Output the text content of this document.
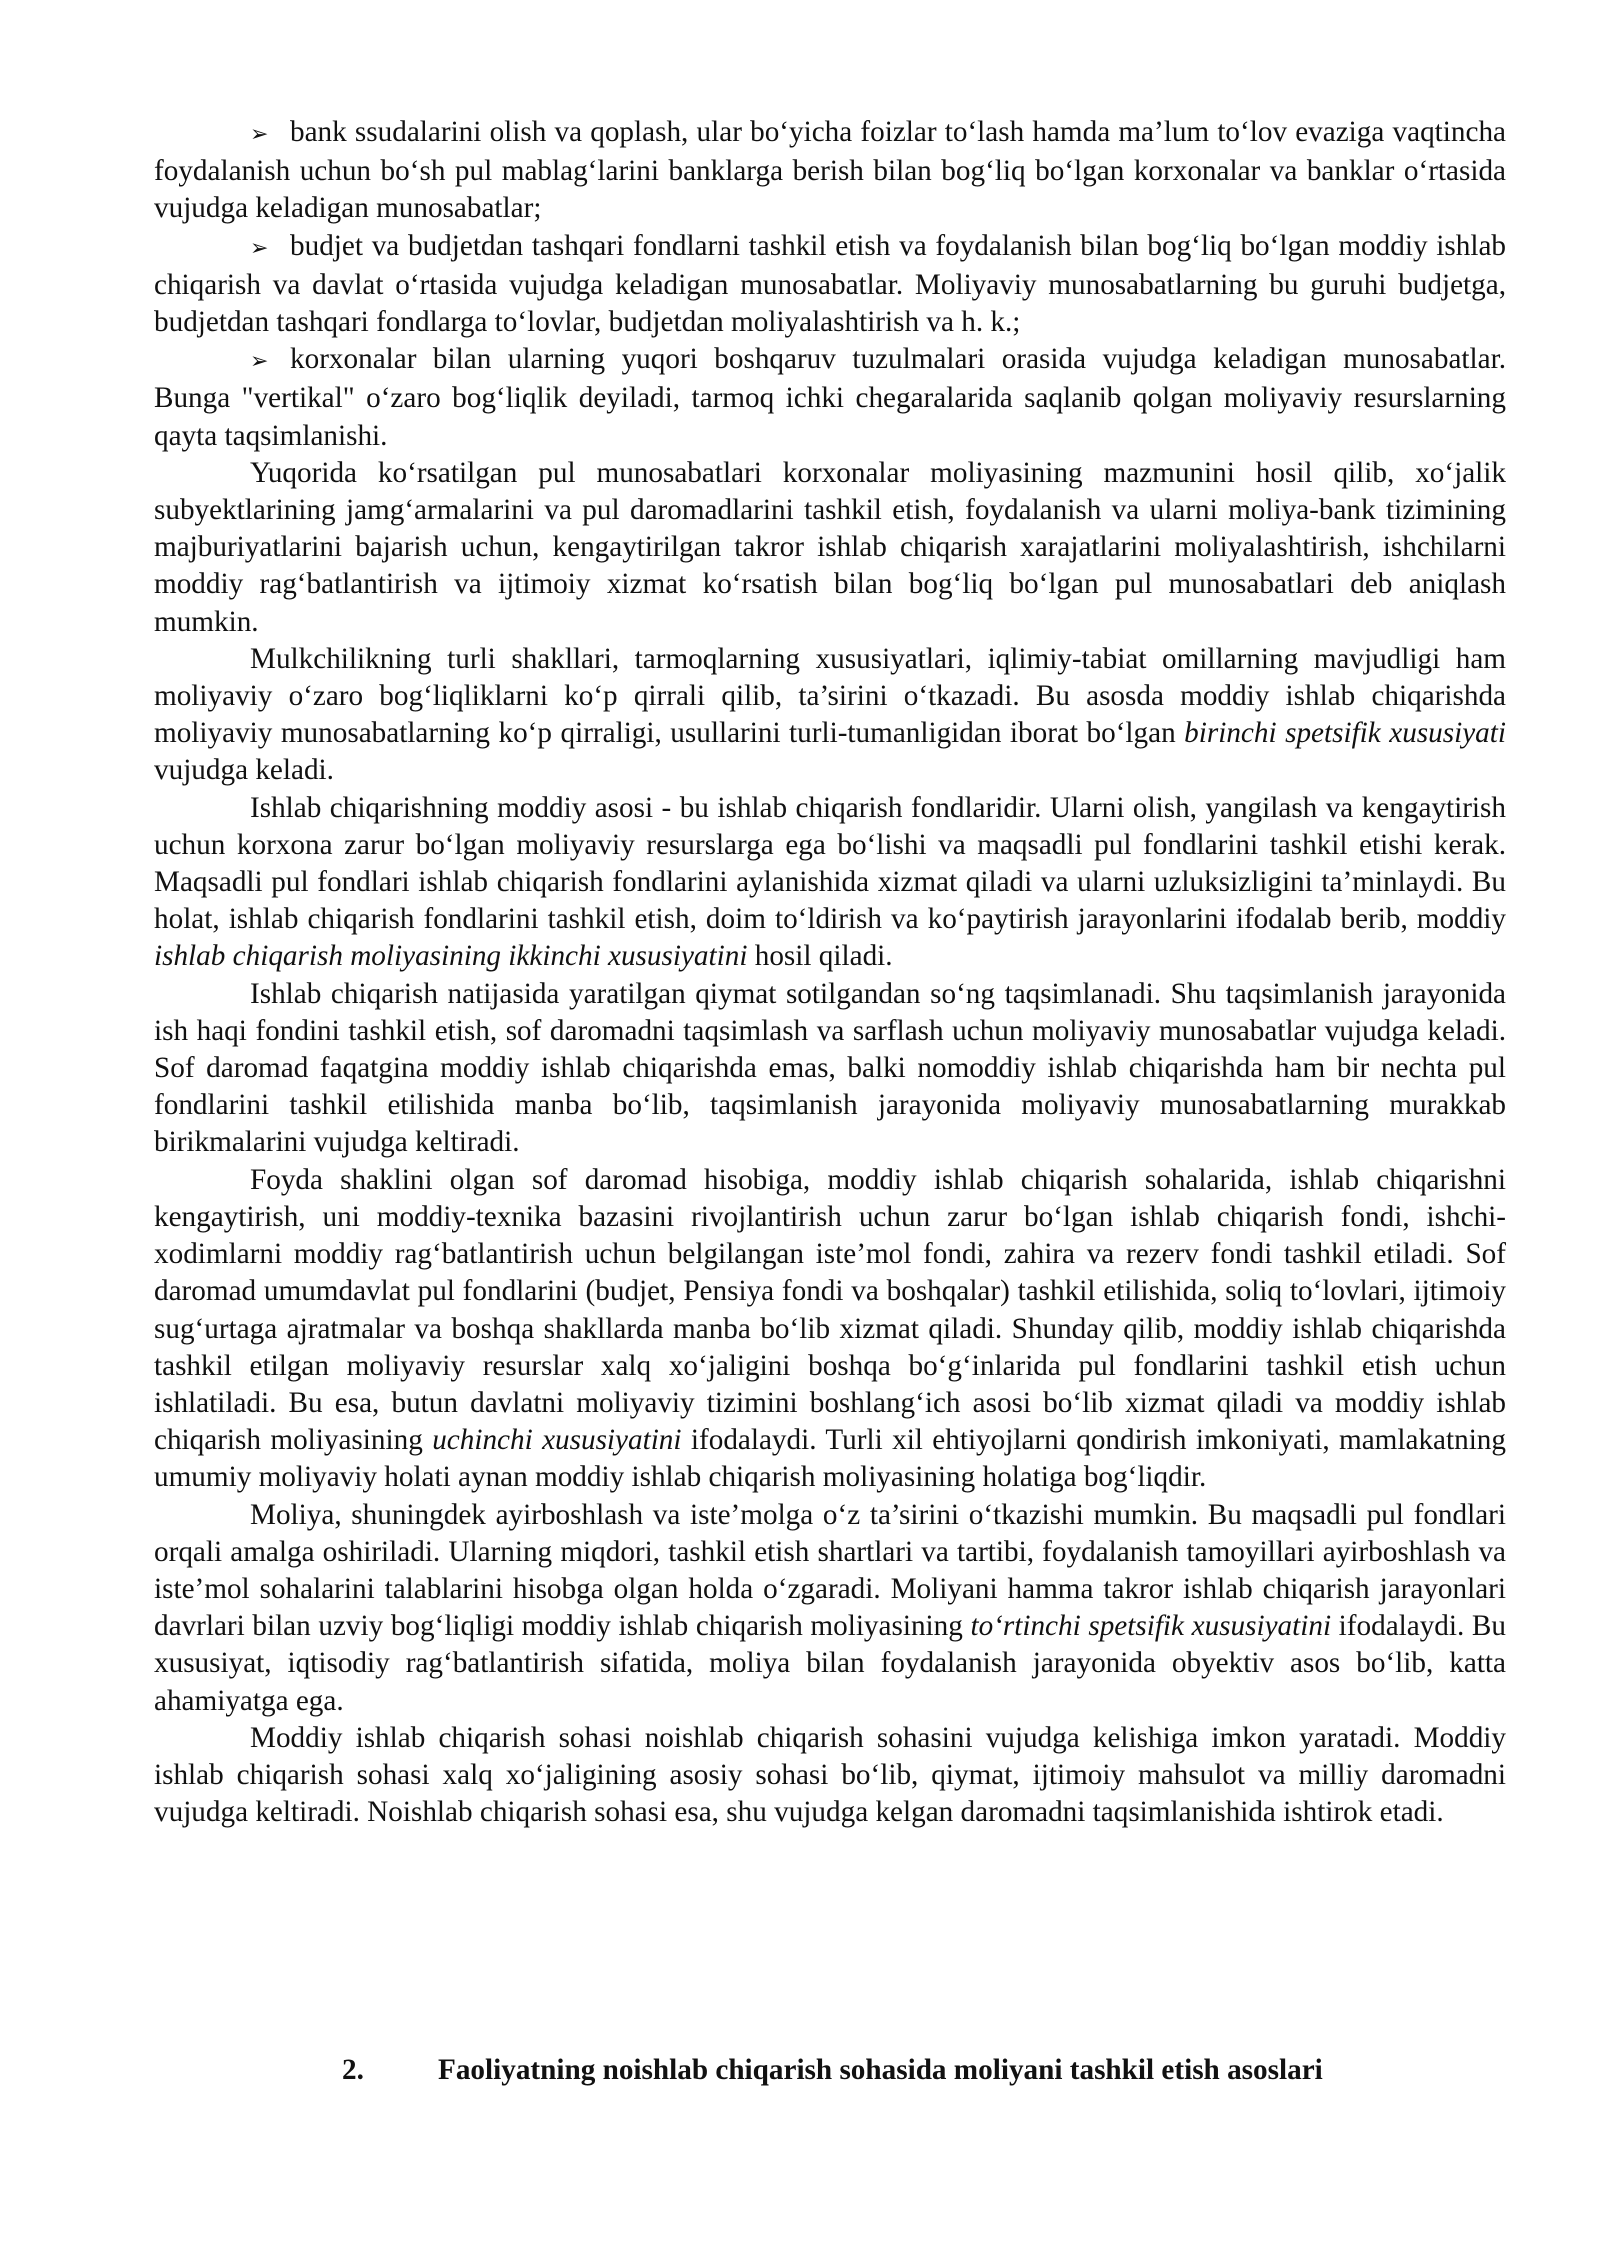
➢ bank ssudalarini olish va qoplash, ular bo‘yicha foizlar to‘lash hamda ma’lum to‘lov evaziga vaqtincha foydalanish uchun bo‘sh pul mablag‘larini banklarga berish bilan bog‘liq bo‘lgan korxonalar va banklar o‘rtasida vujudga keladigan munosabatlar;

➢ budjet va budjetdan tashqari fondlarni tashkil etish va foydalanish bilan bog‘liq bo‘lgan moddiy ishlab chiqarish va davlat o‘rtasida vujudga keladigan munosabatlar. Moliyaviy munosabatlarning bu guruhi budjetga, budjetdan tashqari fondlarga to‘lovlar, budjetdan moliyalashtirish va h. k.;

➢ korxonalar bilan ularning yuqori boshqaruv tuzulmalari orasida vujudga keladigan munosabatlar. Bunga "vertikal" o‘zaro bog‘liqlik deyiladi, tarmoq ichki chegaralarida saqlanib qolgan moliyaviy resurslarning qayta taqsimlanishi.

Yuqorida ko‘rsatilgan pul munosabatlari korxonalar moliyasining mazmunini hosil qilib, xo‘jalik subyektlarining jamg‘armalarini va pul daromadlarini tashkil etish, foydalanish va ularni moliya-bank tizimining majburiyatlarini bajarish uchun, kengaytirilgan takror ishlab chiqarish xarajatlarini moliyalashtirish, ishchilarni moddiy rag‘batlantirish va ijtimoiy xizmat ko‘rsatish bilan bog‘liq bo‘lgan pul munosabatlari deb aniqlash mumkin.

Mulkchilikning turli shakllari, tarmoqlarning xususiyatlari, iqlimiy-tabiat omillarning mavjudligi ham moliyaviy o‘zaro bog‘liqliklarni ko‘p qirrali qilib, ta’sirini o‘tkazadi. Bu asosda moddiy ishlab chiqarishda moliyaviy munosabatlarning ko‘p qirraligi, usullarini turli-tumanligidan iborat bo‘lgan birinchi spetsifik xususiyati vujudga keladi.

Ishlab chiqarishning moddiy asosi - bu ishlab chiqarish fondlaridir. Ularni olish, yangilash va kengaytirish uchun korxona zarur bo‘lgan moliyaviy resurslarga ega bo‘lishi va maqsadli pul fondlarini tashkil etishi kerak. Maqsadli pul fondlari ishlab chiqarish fondlarini aylanishida xizmat qiladi va ularni uzluksizligini ta’minlaydi. Bu holat, ishlab chiqarish fondlarini tashkil etish, doim to‘ldirish va ko‘paytirish jarayonlarini ifodalab berib, moddiy ishlab chiqarish moliyasining ikkinchi xususiyatini hosil qiladi.

Ishlab chiqarish natijasida yaratilgan qiymat sotilgandan so‘ng taqsimlanadi. Shu taqsimlanish jarayonida ish haqi fondini tashkil etish, sof daromadni taqsimlash va sarflash uchun moliyaviy munosabatlar vujudga keladi. Sof daromad faqatgina moddiy ishlab chiqarishda emas, balki nomoddiy ishlab chiqarishda ham bir nechta pul fondlarini tashkil etilishida manba bo‘lib, taqsimlanish jarayonida moliyaviy munosabatlarning murakkab birikmalarini vujudga keltiradi.

Foyda shaklini olgan sof daromad hisobiga, moddiy ishlab chiqarish sohalarida, ishlab chiqarishni kengaytirish, uni moddiy-texnika bazasini rivojlantirish uchun zarur bo‘lgan ishlab chiqarish fondi, ishchi-xodimlarni moddiy rag‘batlantirish uchun belgilangan iste’mol fondi, zahira va rezerv fondi tashkil etiladi. Sof daromad umumdavlat pul fondlarini (budjet, Pensiya fondi va boshqalar) tashkil etilishida, soliq to‘lovlari, ijtimoiy sug‘urtaga ajratmalar va boshqa shakllarda manba bo‘lib xizmat qiladi. Shunday qilib, moddiy ishlab chiqarishda tashkil etilgan moliyaviy resurslar xalq xo‘jaligini boshqa bo‘g‘inlarida pul fondlarini tashkil etish uchun ishlatiladi. Bu esa, butun davlatni moliyaviy tizimini boshlang‘ich asosi bo‘lib xizmat qiladi va moddiy ishlab chiqarish moliyasining uchinchi xususiyatini ifodalaydi. Turli xil ehtiyojlarni qondirish imkoniyati, mamlakatning umumiy moliyaviy holati aynan moddiy ishlab chiqarish moliyasining holatiga bog‘liqdir.

Moliya, shuningdek ayirboshlash va iste’molga o‘z ta’sirini o‘tkazishi mumkin. Bu maqsadli pul fondlari orqali amalga oshiriladi. Ularning miqdori, tashkil etish shartlari va tartibi, foydalanish tamoyillari ayirboshlash va iste’mol sohalarini talablarini hisobga olgan holda o‘zgaradi. Moliyani hamma takror ishlab chiqarish jarayonlari davrlari bilan uzviy bog‘liqligi moddiy ishlab chiqarish moliyasining to‘rtinchi spetsifik xususiyatini ifodalaydi. Bu xususiyat, iqtisodiy rag‘batlantirish sifatida, moliya bilan foydalanish jarayonida obyektiv asos bo‘lib, katta ahamiyatga ega.

Moddiy ishlab chiqarish sohasi noishlab chiqarish sohasini vujudga kelishiga imkon yaratadi. Moddiy ishlab chiqarish sohasi xalq xo‘jaligining asosiy sohasi bo‘lib, qiymat, ijtimoiy mahsulot va milliy daromadni vujudga keltiradi. Noishlab chiqarish sohasi esa, shu vujudga kelgan daromadni taqsimlanishida ishtirok etadi.

2.	Faoliyatning noishlab chiqarish sohasida moliyani tashkil etish asoslari
